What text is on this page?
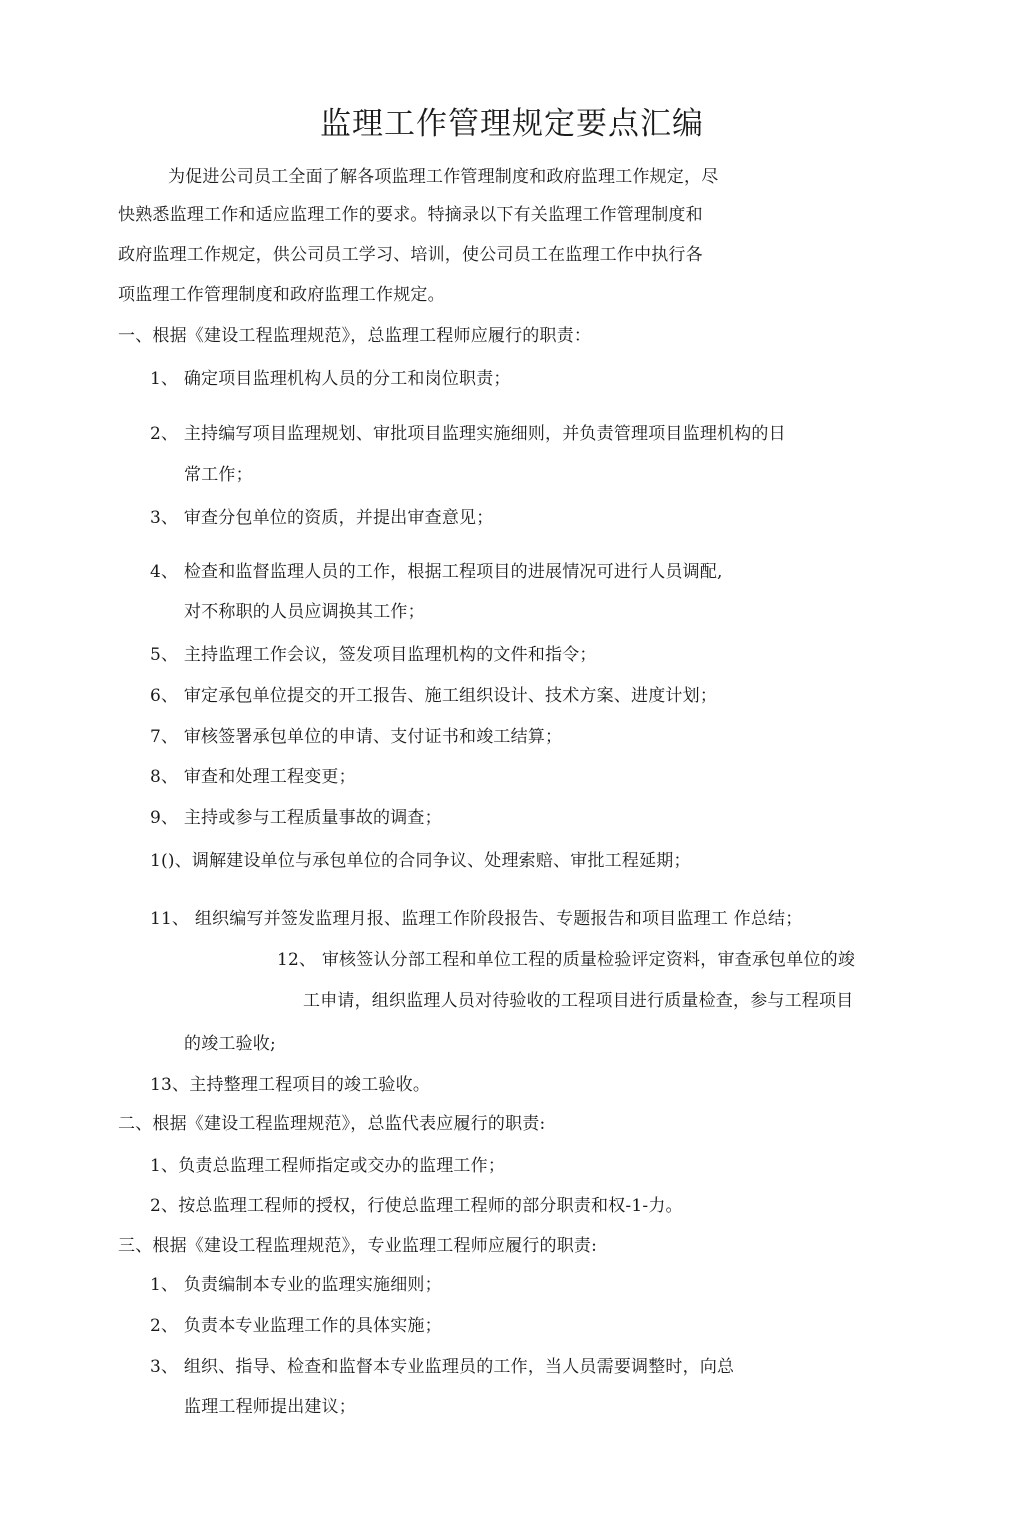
监理工作管理规定要点汇编
为促进公司员工全面了解各项监理工作管理制度和政府监理工作规定，尽
快熟悉监理工作和适应监理工作的要求。特摘录以下有关监理工作管理制度和
政府监理工作规定，供公司员工学习、培训，使公司员工在监理工作中执行各
项监理工作管理制度和政府监理工作规定。
一、根据《建设工程监理规范》，总监理工程师应履行的职责：
1、 确定项目监理机构人员的分工和岗位职责；
2、 主持编写项目监理规划、审批项目监理实施细则，并负责管理项目监理机构的日
常工作；
3、 审查分包单位的资质，并提出审查意见；
4、 检查和监督监理人员的工作，根据工程项目的进展情况可进行人员调配,
对不称职的人员应调换其工作；
5、 主持监理工作会议，签发项目监理机构的文件和指令；
6、 审定承包单位提交的开工报告、施工组织设计、技术方案、进度计划；
7、 审核签署承包单位的申请、支付证书和竣工结算；
8、 审查和处理工程变更；
9、 主持或参与工程质量事故的调查；
1()、调解建设单位与承包单位的合同争议、处理索赔、审批工程延期；
11、 组织编写并签发监理月报、监理工作阶段报告、专题报告和项目监理工 作总结；
12、 审核签认分部工程和单位工程的质量检验评定资料，审查承包单位的竣
工申请，组织监理人员对待验收的工程项目进行质量检查，参与工程项目
的竣工验收;
13、主持整理工程项目的竣工验收。
二、根据《建设工程监理规范》，总监代表应履行的职责:
1、负责总监理工程师指定或交办的监理工作；
2、按总监理工程师的授权，行使总监理工程师的部分职责和权-1-力。
三、根据《建设工程监理规范》，专业监理工程师应履行的职责:
1、 负责编制本专业的监理实施细则；
2、 负责本专业监理工作的具体实施；
3、 组织、指导、检查和监督本专业监理员的工作，当人员需要调整时，向总
监理工程师提出建议；
